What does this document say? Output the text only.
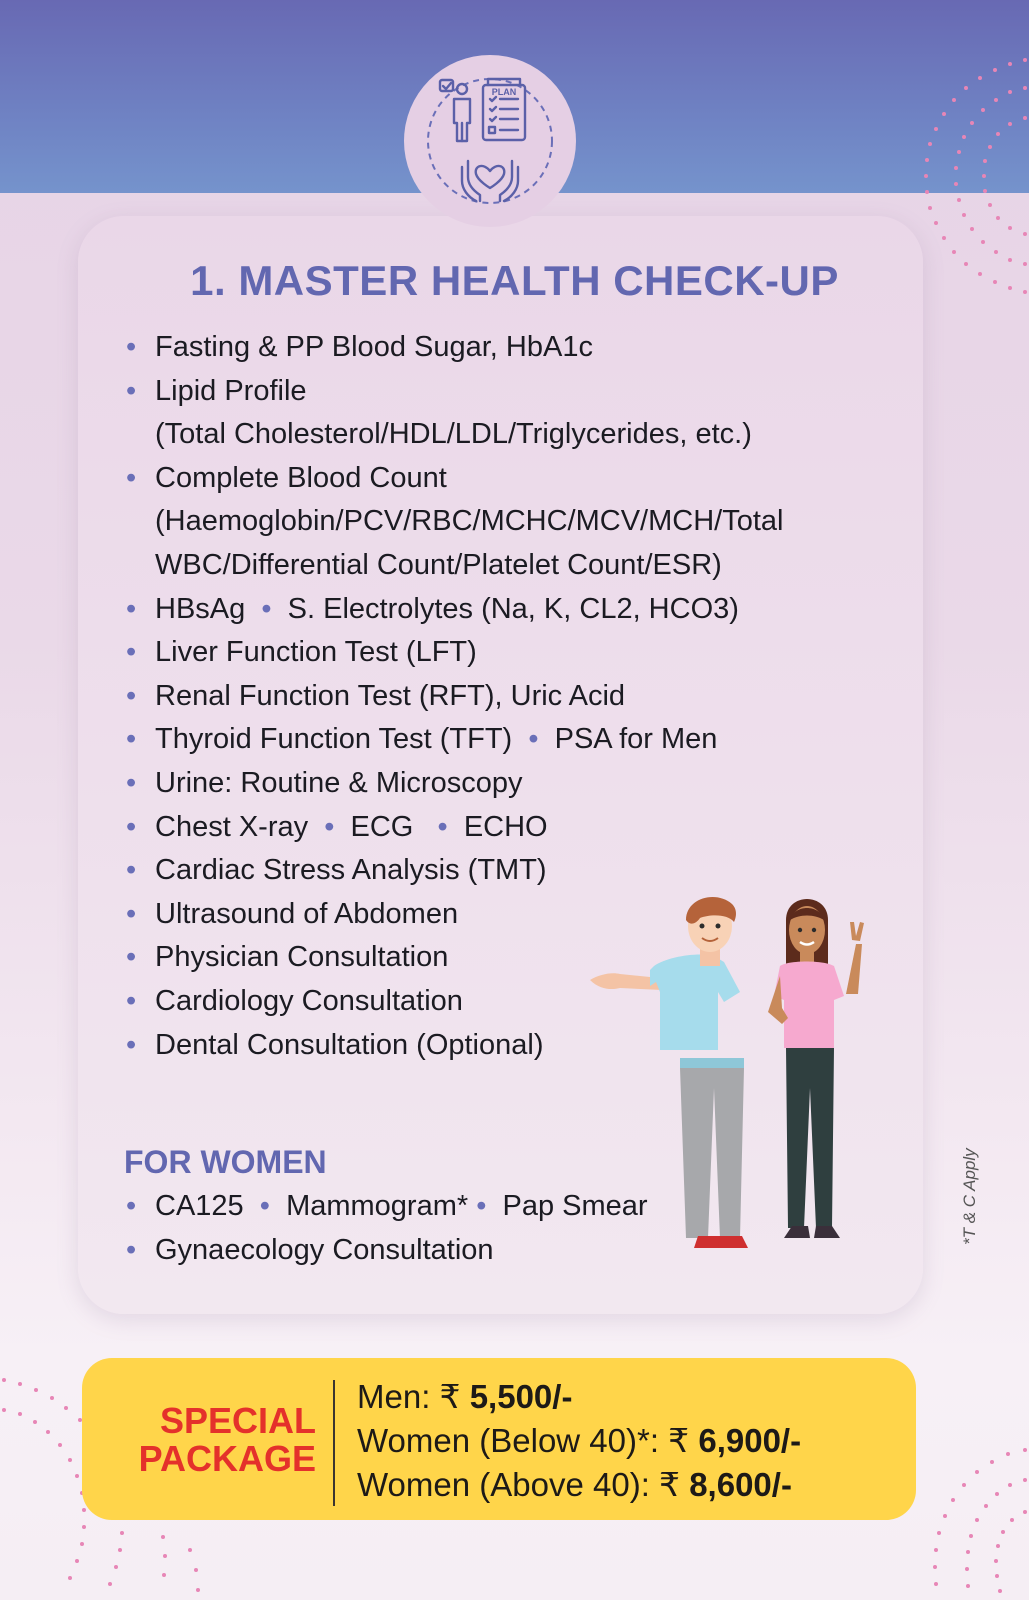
PLAN
1. MASTER HEALTH CHECK-UP
• Fasting & PP Blood Sugar, HbA1c
• Lipid Profile
(Total Cholesterol/HDL/LDL/Triglycerides, etc.)
• Complete Blood Count
(Haemoglobin/PCV/RBC/MCHC/MCV/MCH/Total
WBC/Differential Count/Platelet Count/ESR)
• HBsAg • S. Electrolytes (Na, K, CL2, HCO3)
• Liver Function Test (LFT)
• Renal Function Test (RFT), Uric Acid
• Thyroid Function Test (TFT) • PSA for Men
• Urine: Routine & Microscopy
• Chest X-ray • ECG • ECHO
• Cardiac Stress Analysis (TMT)
• Ultrasound of Abdomen
• Physician Consultation
• Cardiology Consultation
• Dental Consultation (Optional)
FOR WOMEN
• CA125 • Mammogram* • Pap Smear
• Gynaecology Consultation
*T & C Apply
SPECIAL
PACKAGE
Men: ₹ 5,500/-
Women (Below 40)*: ₹ 6,900/-
Women (Above 40): ₹ 8,600/-
